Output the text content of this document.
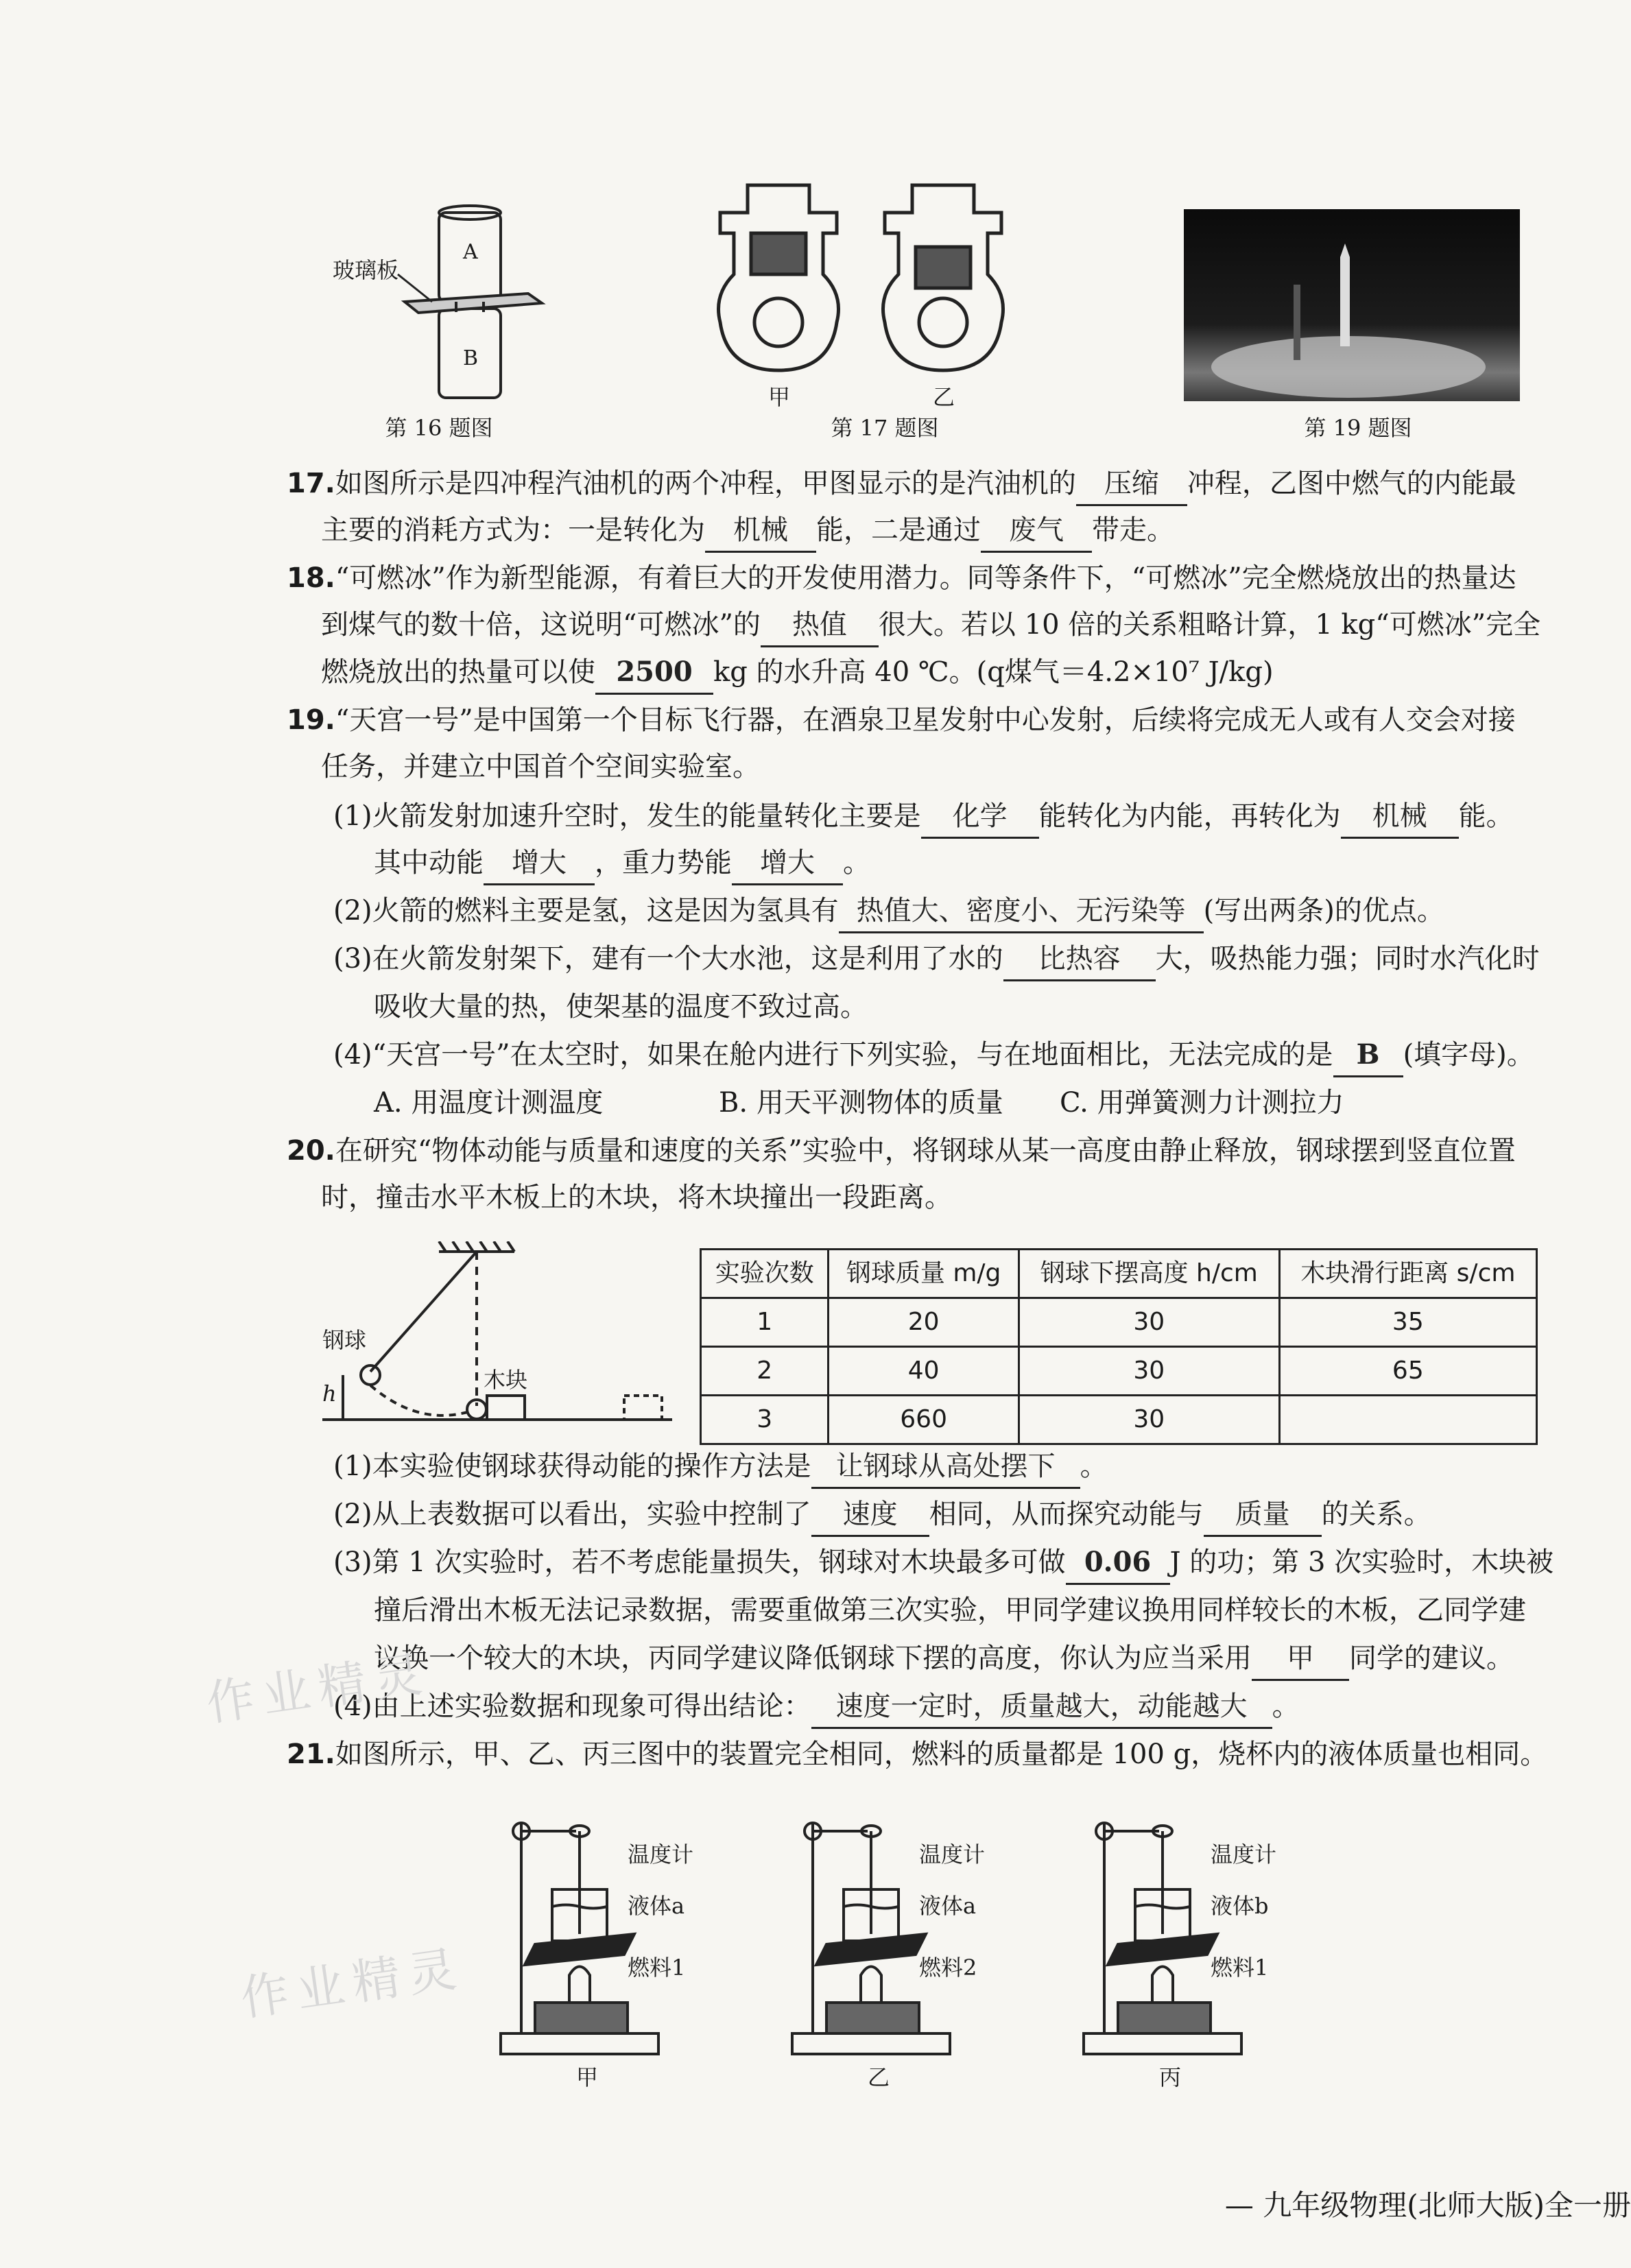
玻璃板
A
B
第 16 题图
甲	乙
第 17 题图	第 19 题图
17.如图所示是四冲程汽油机的两个冲程，甲图显示的是汽油机的 压缩 冲程，乙图中燃气的内能最
主要的消耗方式为：一是转化为 机械 能，二是通过 废气 带走。
18.“可燃冰”作为新型能源，有着巨大的开发使用潜力。同等条件下，“可燃冰”完全燃烧放出的热量达
到煤气的数十倍，这说明“可燃冰”的 热值 很大。若以 10 倍的关系粗略计算，1 kg“可燃冰”完全
燃烧放出的热量可以使 2500 kg 的水升高 40 ℃。(q煤气＝4.2×10⁷ J/kg)
19.“天宫一号”是中国第一个目标飞行器，在酒泉卫星发射中心发射，后续将完成无人或有人交会对接
任务，并建立中国首个空间实验室。
(1)火箭发射加速升空时，发生的能量转化主要是 化学 能转化为内能，再转化为 机械 能。
其中动能 增大 ，重力势能 增大 。
(2)火箭的燃料主要是氢，这是因为氢具有 热值大、密度小、无污染等 (写出两条)的优点。
(3)在火箭发射架下，建有一个大水池，这是利用了水的 比热容 大，吸热能力强；同时水汽化时
吸收大量的热，使架基的温度不致过高。
(4)“天宫一号”在太空时，如果在舱内进行下列实验，与在地面相比，无法完成的是 B (填字母)。
A. 用温度计测温度	B. 用天平测物体的质量 C. 用弹簧测力计测拉力
20.在研究“物体动能与质量和速度的关系”实验中，将钢球从某一高度由静止释放，钢球摆到竖直位置
时，撞击水平木板上的木块，将木块撞出一段距离。
钢球
木块
h
实验次数	钢球质量 m/g	钢球下摆高度 h/cm	木块滑行距离 s/cm
1	20	30	35
2	40	30	65
3	660	30	
(1)本实验使钢球获得动能的操作方法是 让钢球从高处摆下 。
(2)从上表数据可以看出，实验中控制了 速度 相同，从而探究动能与 质量 的关系。
(3)第 1 次实验时，若不考虑能量损失，钢球对木块最多可做 0.06 J 的功；第 3 次实验时，木块被
撞后滑出木板无法记录数据，需要重做第三次实验，甲同学建议换用同样较长的木板，乙同学建
议换一个较大的木块，丙同学建议降低钢球下摆的高度，你认为应当采用 甲 同学的建议。
(4)由上述实验数据和现象可得出结论： 速度一定时，质量越大，动能越大 。
21.如图所示，甲、乙、丙三图中的装置完全相同，燃料的质量都是 100 g，烧杯内的液体质量也相同。
温度计
液体a
燃料1
甲
温度计
液体a
燃料2
乙
温度计
液体b
燃料1
丙
作业精灵
作业精灵
— 九年级物理(北师大版)全一册
